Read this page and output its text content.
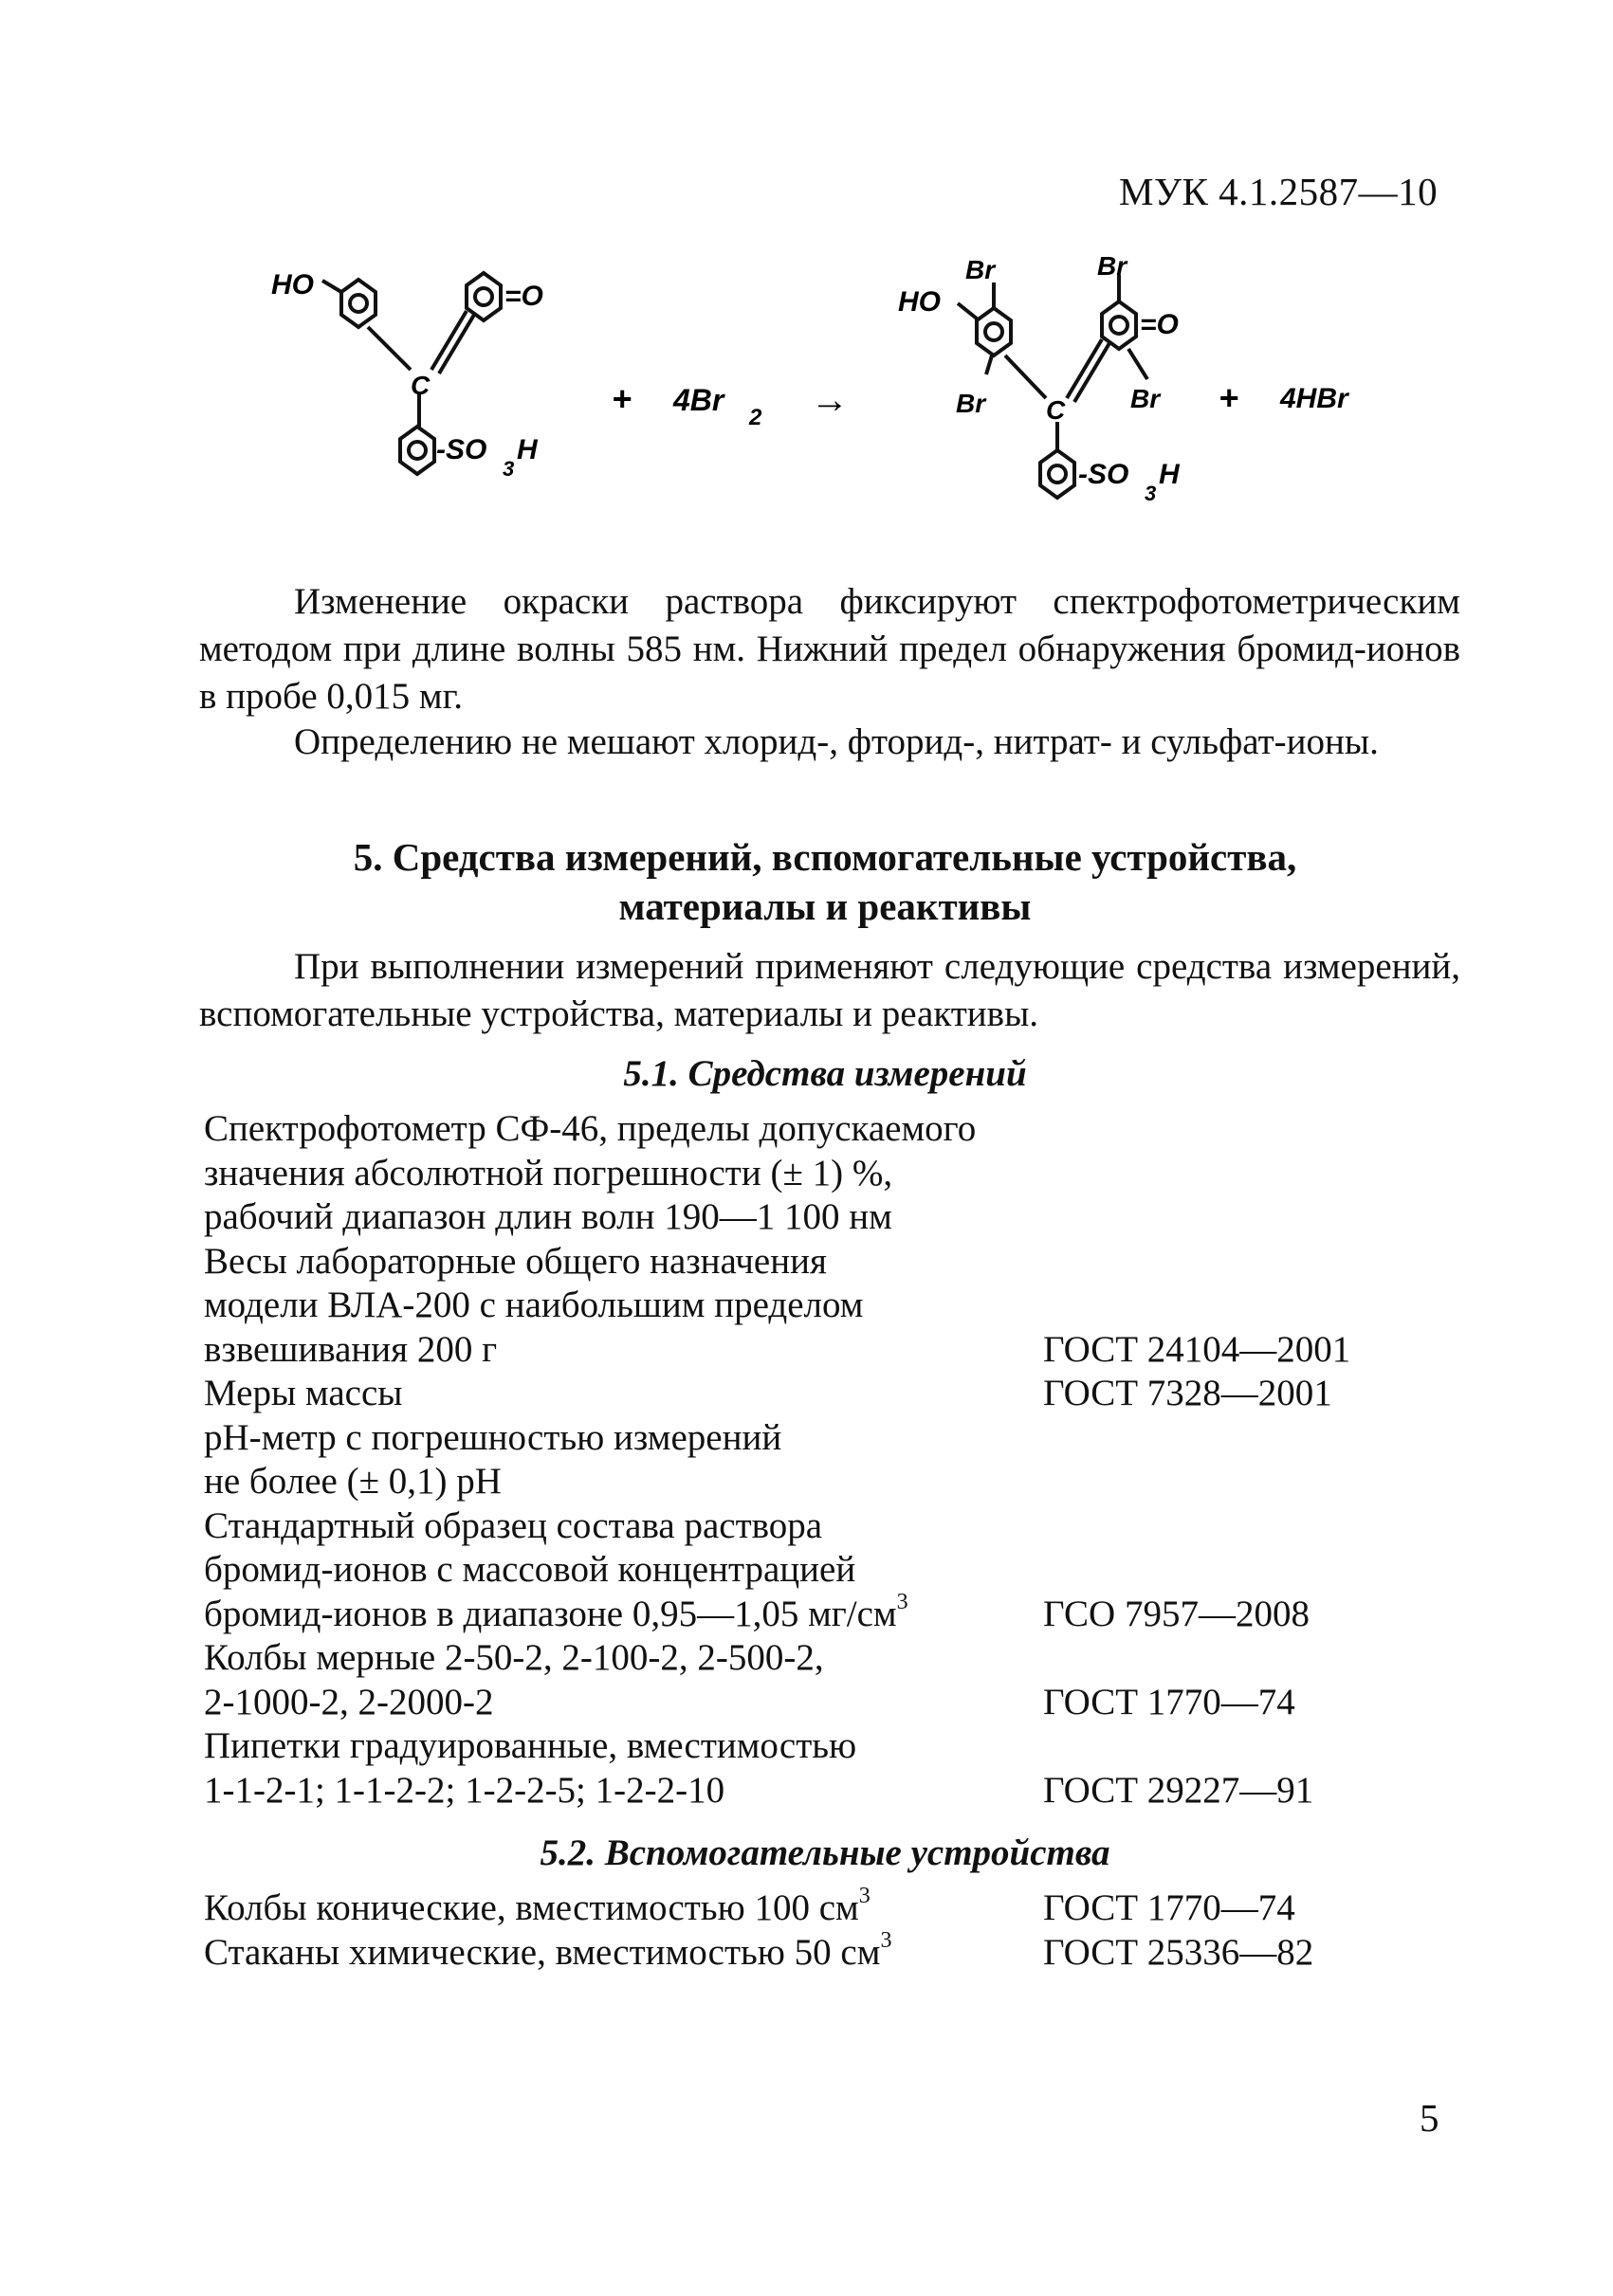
МУК 4.1.2587—10
HO	=O
C
-SO
3
H
+ 4Br
2 →
Br	Br
HO
=O
C
Br	Br
-SO
3
H
+ 4HBr

Изменение окраски раствора фиксируют спектрофотометрическим методом при длине волны 585 нм. Нижний предел обнаружения бромид-ионов в пробе 0,015 мг.

Определению не мешают хлорид-, фторид-, нитрат- и сульфат-ионы.

5. Средства измерений, вспомогательные устройства,
материалы и реактивы

При выполнении измерений применяют следующие средства измерений, вспомогательные устройства, материалы и реактивы.

5.1. Средства измерений
Спектрофотометр СФ-46, пределы допускаемого
значения абсолютной погрешности (± 1) %,
рабочий диапазон длин волн 190—1 100 нм
Весы лабораторные общего назначения
модели ВЛА-200 с наибольшим пределом
взвешивания 200 г	ГОСТ 24104—2001
Меры массы	ГОСТ 7328—2001
рН-метр с погрешностью измерений
не более (± 0,1) рН
Стандартный образец состава раствора
бромид-ионов с массовой концентрацией
бромид-ионов в диапазоне 0,95—1,05 $мг/см^3$	ГСО 7957—2008
Колбы мерные 2-50-2, 2-100-2, 2-500-2,
2-1000-2, 2-2000-2	ГОСТ 1770—74
Пипетки градуированные, вместимостью
1-1-2-1; 1-1-2-2; 1-2-2-5; 1-2-2-10	ГОСТ 29227—91
5.2. Вспомогательные устройства
Колбы конические, вместимостью 100 $см^3$	ГОСТ 1770—74
Стаканы химические, вместимостью 50 $см^3$	ГОСТ 25336—82
5
